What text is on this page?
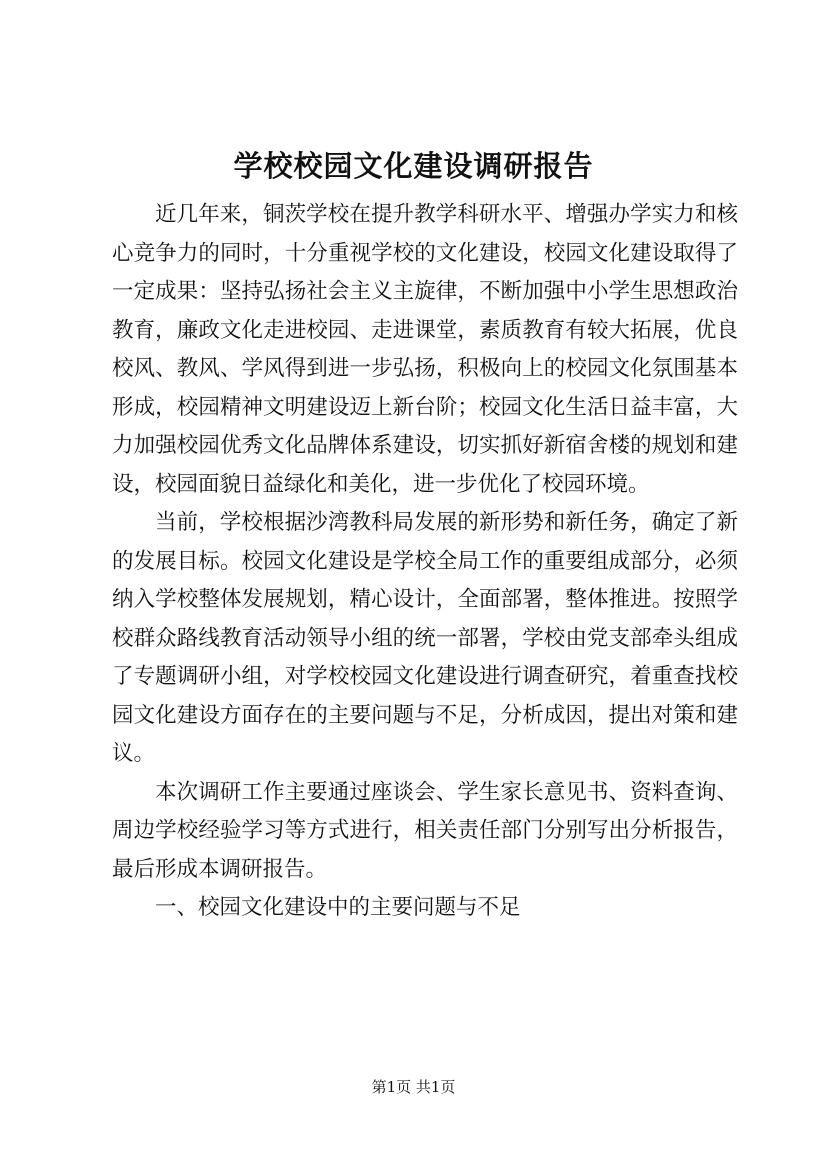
学校校园文化建设调研报告

近几年来，铜茨学校在提升教学科研水平、增强办学实力和核心竞争力的同时，十分重视学校的文化建设，校园文化建设取得了一定成果：坚持弘扬社会主义主旋律，不断加强中小学生思想政治教育，廉政文化走进校园、走进课堂，素质教育有较大拓展，优良校风、教风、学风得到进一步弘扬，积极向上的校园文化氛围基本形成，校园精神文明建设迈上新台阶；校园文化生活日益丰富，大力加强校园优秀文化品牌体系建设，切实抓好新宿舍楼的规划和建设，校园面貌日益绿化和美化，进一步优化了校园环境。

当前，学校根据沙湾教科局发展的新形势和新任务，确定了新的发展目标。校园文化建设是学校全局工作的重要组成部分，必须纳入学校整体发展规划，精心设计，全面部署，整体推进。按照学校群众路线教育活动领导小组的统一部署，学校由党支部牵头组成了专题调研小组，对学校校园文化建设进行调查研究，着重查找校园文化建设方面存在的主要问题与不足，分析成因，提出对策和建议。

本次调研工作主要通过座谈会、学生家长意见书、资料查询、周边学校经验学习等方式进行，相关责任部门分别写出分析报告，最后形成本调研报告。

一、校园文化建设中的主要问题与不足

第1页 共1页
